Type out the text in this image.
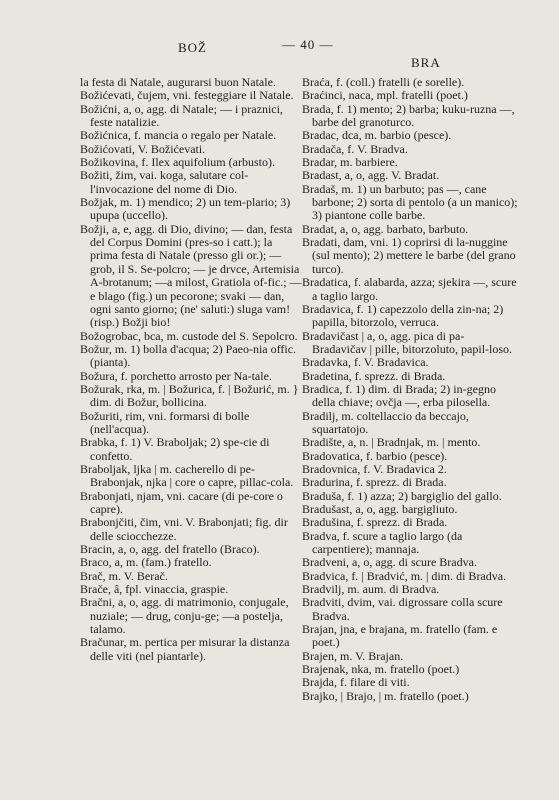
BOŽ	— 40 —
BRA

la festa di Natale, augurarsi buon Natale.

Božićevati, čujem, vni. festeggiare il Natale.

Božićni, a, o, agg. di Natale; — i praznici, feste natalizie.

Božićnica, f. mancia o regalo per Natale.

Božićovati, V. Božićevati.

Božikovina, f. Ilex aquifolium (arbusto).

Božiti, žim, vai. koga, salutare col-l'invocazione del nome di Dio.

Božjak, m. 1) mendico; 2) un tem-plario; 3) upupa (uccello).

Božji, a, e, agg. di Dio, divino; — dan, festa del Corpus Domini (pres-so i catt.); la prima festa di Natale (presso gli or.); — grob, il S. Se-polcro; — je drvce, Artemisia A-brotanum; —a milost, Gratiola of-fic.; —e blago (fig.) un pecorone; svaki — dan, ogni santo giorno; (ne' saluti:) sluga vam! (risp.) Božji bio!

Božogrobac, bca, m. custode del S. Sepolcro.

Božur, m. 1) bolla d'acqua; 2) Paeo-nia offic. (pianta).

Božura, f. porchetto arrosto per Na-tale.

Božurak, rka, m. | Božurica, f. | Božurić, m. } dim. di Božur, bollicina.

Božuriti, rim, vni. formarsi di bolle (nell'acqua).

Brabka, f. 1) V. Braboljak; 2) spe-cie di confetto.

Braboljak, ljka | m. cacherello di pe-Brabonjak, njka | core o capre, pillac-cola.

Brabonjati, njam, vni. cacare (di pe-core o capre).

Brabonjčiti, čim, vni. V. Brabonjati; fig. dir delle sciocchezze.

Bracin, a, o, agg. del fratello (Braco).

Braco, a, m. (fam.) fratello.

Brač, m. V. Berač.

Brače, â, fpl. vinaccia, graspie.

Bračni, a, o, agg. di matrimonio, conjugale, nuziale; — drug, conju-ge; —a postelja, talamo.

Bračunar, m. pertica per misurar la distanza delle viti (nel piantarle).

Braća, f. (coll.) fratelli (e sorelle).

Braćinci, naca, mpl. fratelli (poet.)

Brada, f. 1) mento; 2) barba; kuku-ruzna —, barbe del granoturco.

Bradac, dca, m. barbio (pesce).

Bradača, f. V. Bradva.

Bradar, m. barbiere.

Bradast, a, o, agg. V. Bradat.

Bradaš, m. 1) un barbuto; pas —, cane barbone; 2) sorta di pentolo (a un manico); 3) piantone colle barbe.

Bradat, a, o, agg. barbato, barbuto.

Bradati, dam, vni. 1) coprirsi di la-nuggine (sul mento); 2) mettere le barbe (del grano turco).

Bradatica, f. alabarda, azza; sjekira —, scure a taglio largo.

Bradavica, f. 1) capezzolo della zin-na; 2) papilla, bitorzolo, verruca.

Bradavičast | a, o, agg. pica di pa-Bradavičav | pille, bitorzoluto, papil-loso.

Bradavka, f. V. Bradavica.

Bradetina, f. sprezz. di Brada.

Bradica, f. 1) dim. di Brada; 2) in-gegno della chiave; ovčja —, erba pilosella.

Bradilj, m. coltellaccio da beccajo, squartatojo.

Bradište, a, n. | Bradnjak, m. | mento.

Bradovatica, f. barbio (pesce).

Bradovnica, f. V. Bradavica 2.

Bradurina, f. sprezz. di Brada.

Braduša, f. 1) azza; 2) bargiglio del gallo.

Bradušast, a, o, agg. bargigliuto.

Bradušina, f. sprezz. di Brada.

Bradva, f. scure a taglio largo (da carpentiere); mannaja.

Bradveni, a, o, agg. di scure Bradva.

Bradvica, f. | Bradvić, m. | dim. di Bradva.

Bradvilj, m. aum. di Bradva.

Bradviti, dvim, vai. digrossare colla scure Bradva.

Brajan, jna, e brajana, m. fratello (fam. e poet.)

Brajen, m. V. Brajan.

Brajenak, nka, m. fratello (poet.)

Brajda, f. filare di viti.

Brajko, | Brajo, | m. fratello (poet.)
